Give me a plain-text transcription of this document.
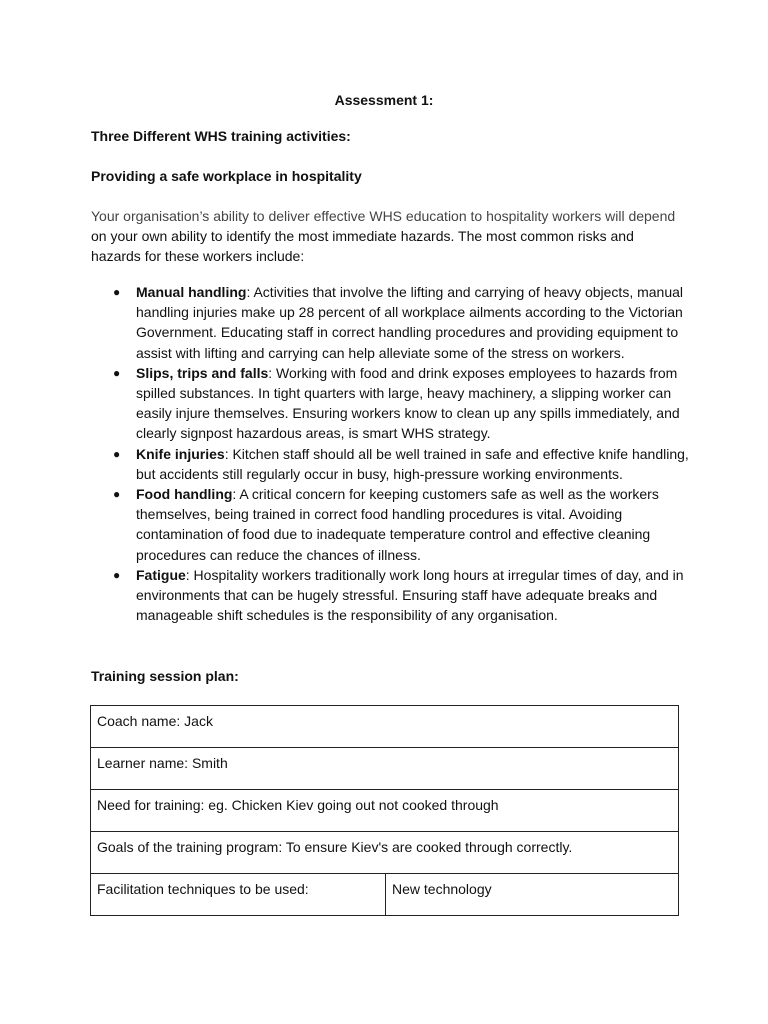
Assessment 1:
Three Different WHS training activities:
Providing a safe workplace in hospitality
Your organisation’s ability to deliver effective WHS education to hospitality workers will depend on your own ability to identify the most immediate hazards. The most common risks and hazards for these workers include:
● Manual handling: Activities that involve the lifting and carrying of heavy objects, manual handling injuries make up 28 percent of all workplace ailments according to the Victorian Government. Educating staff in correct handling procedures and providing equipment to assist with lifting and carrying can help alleviate some of the stress on workers.
● Slips, trips and falls: Working with food and drink exposes employees to hazards from spilled substances. In tight quarters with large, heavy machinery, a slipping worker can easily injure themselves. Ensuring workers know to clean up any spills immediately, and clearly signpost hazardous areas, is smart WHS strategy.
● Knife injuries: Kitchen staff should all be well trained in safe and effective knife handling, but accidents still regularly occur in busy, high-pressure working environments.
● Food handling: A critical concern for keeping customers safe as well as the workers themselves, being trained in correct food handling procedures is vital. Avoiding contamination of food due to inadequate temperature control and effective cleaning procedures can reduce the chances of illness.
● Fatigue: Hospitality workers traditionally work long hours at irregular times of day, and in environments that can be hugely stressful. Ensuring staff have adequate breaks and manageable shift schedules is the responsibility of any organisation.
Training session plan:
Coach name: Jack
Learner name: Smith
Need for training: eg. Chicken Kiev going out not cooked through
Goals of the training program: To ensure Kiev's are cooked through correctly.
Facilitation techniques to be used:	New technology
